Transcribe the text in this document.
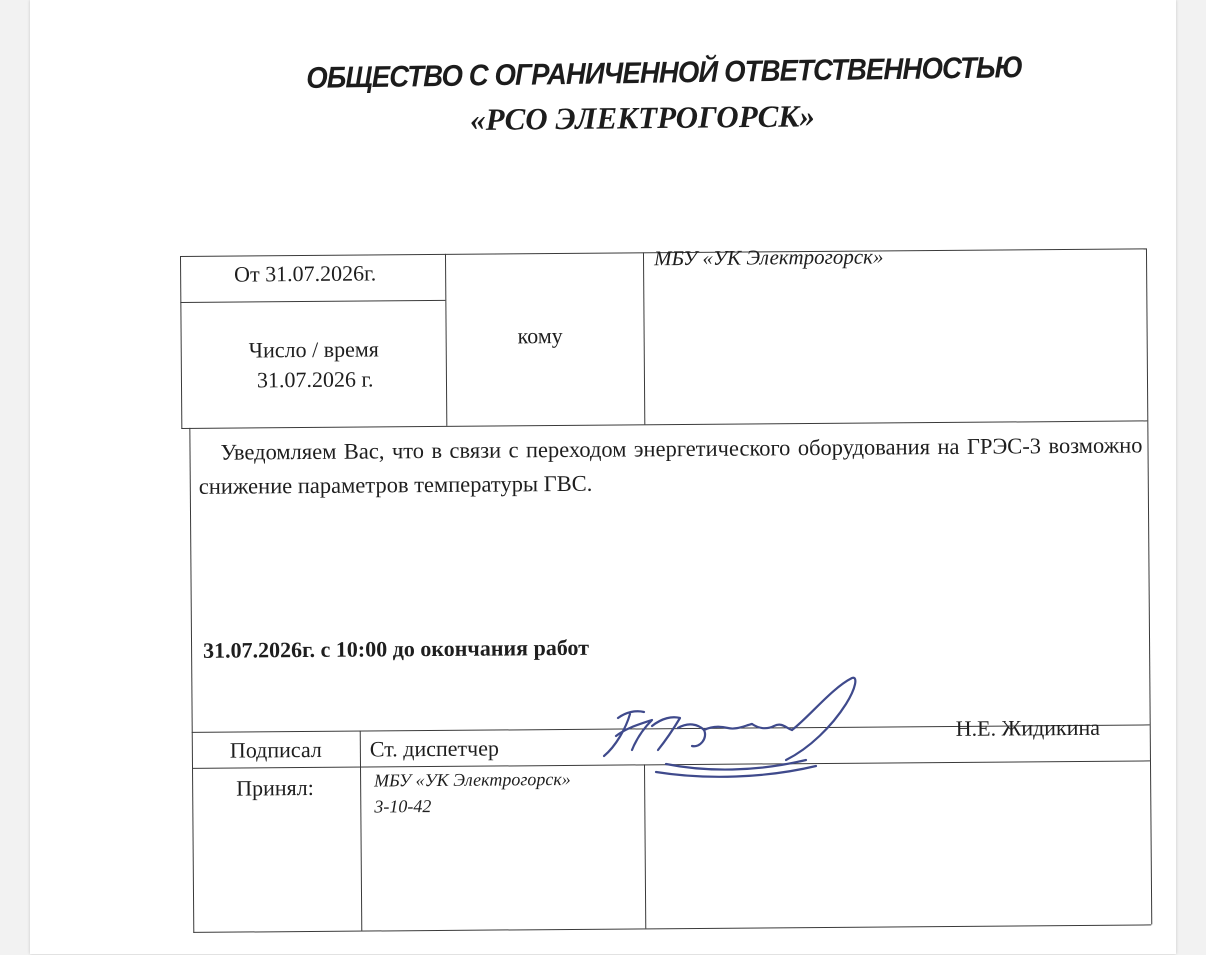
ОБЩЕСТВО С ОГРАНИЧЕННОЙ ОТВЕТСТВЕННОСТЬЮ
«РСО ЭЛЕКТРОГОРСК»
От 31.07.2026г.
Число / время
31.07.2026 г.
кому
МБУ «УК Электрогорск»
Уведомляем Вас, что в связи с переходом энергетического оборудования на ГРЭС-3 возможно снижение параметров температуры ГВС.
31.07.2026г. с 10:00 до окончания работ
Подписал Ст. диспетчер
Н.Е. Жидикина
Принял:	МБУ «УК Электрогорск»
3-10-42
